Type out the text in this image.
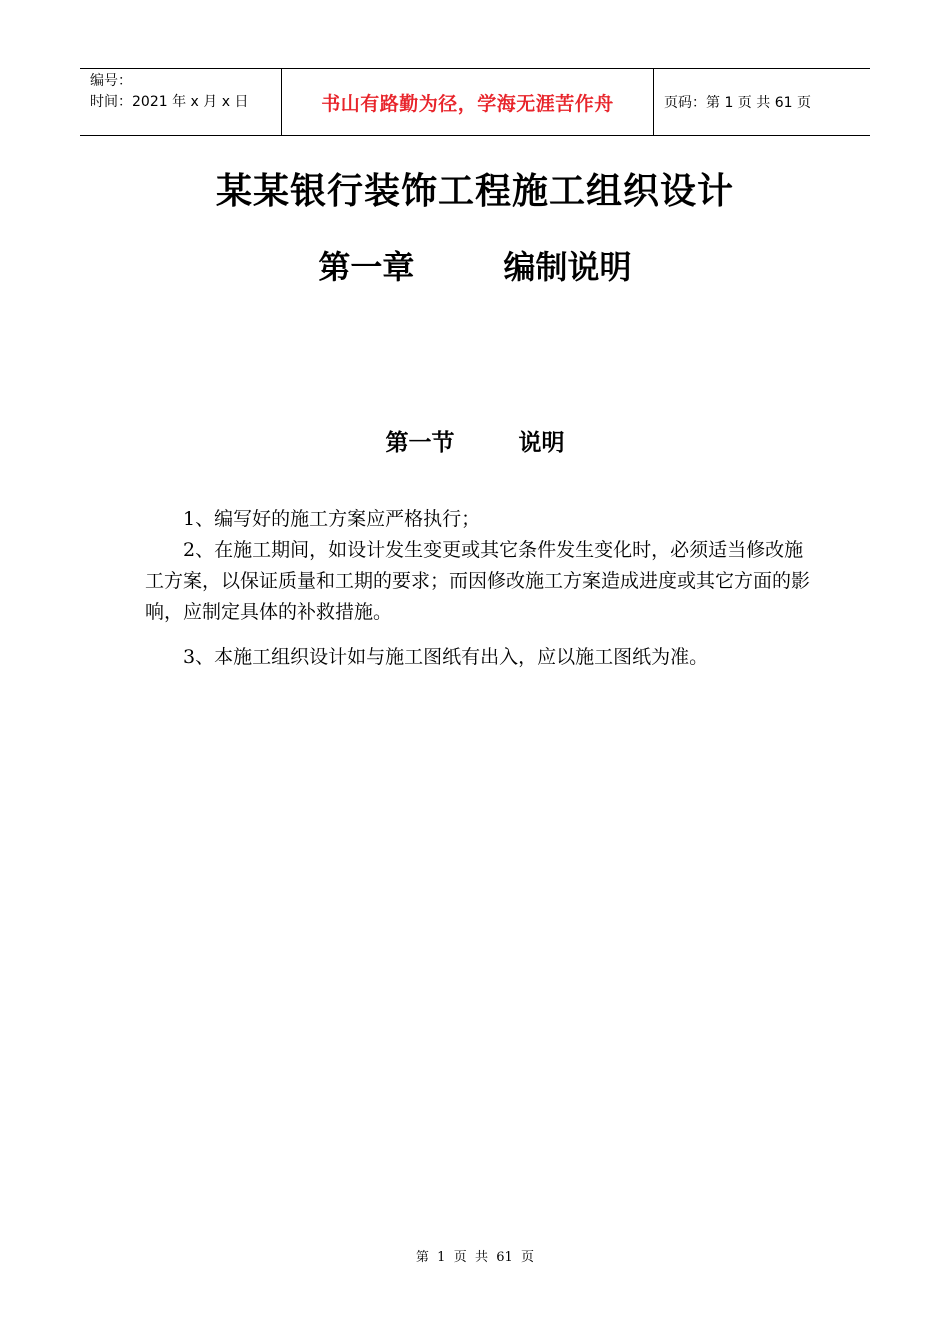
编号：
时间：2021 年 x 月 x 日	书山有路勤为径，学海无涯苦作舟	页码：第 1 页 共 61 页
某某银行装饰工程施工组织设计
第一章        编制说明
第一节        说明

1、编写好的施工方案应严格执行；

2、在施工期间，如设计发生变更或其它条件发生变化时，必须适当修改施工方案，以保证质量和工期的要求；而因修改施工方案造成进度或其它方面的影响，应制定具体的补救措施。

3、本施工组织设计如与施工图纸有出入，应以施工图纸为准。

第  1  页  共  61  页
